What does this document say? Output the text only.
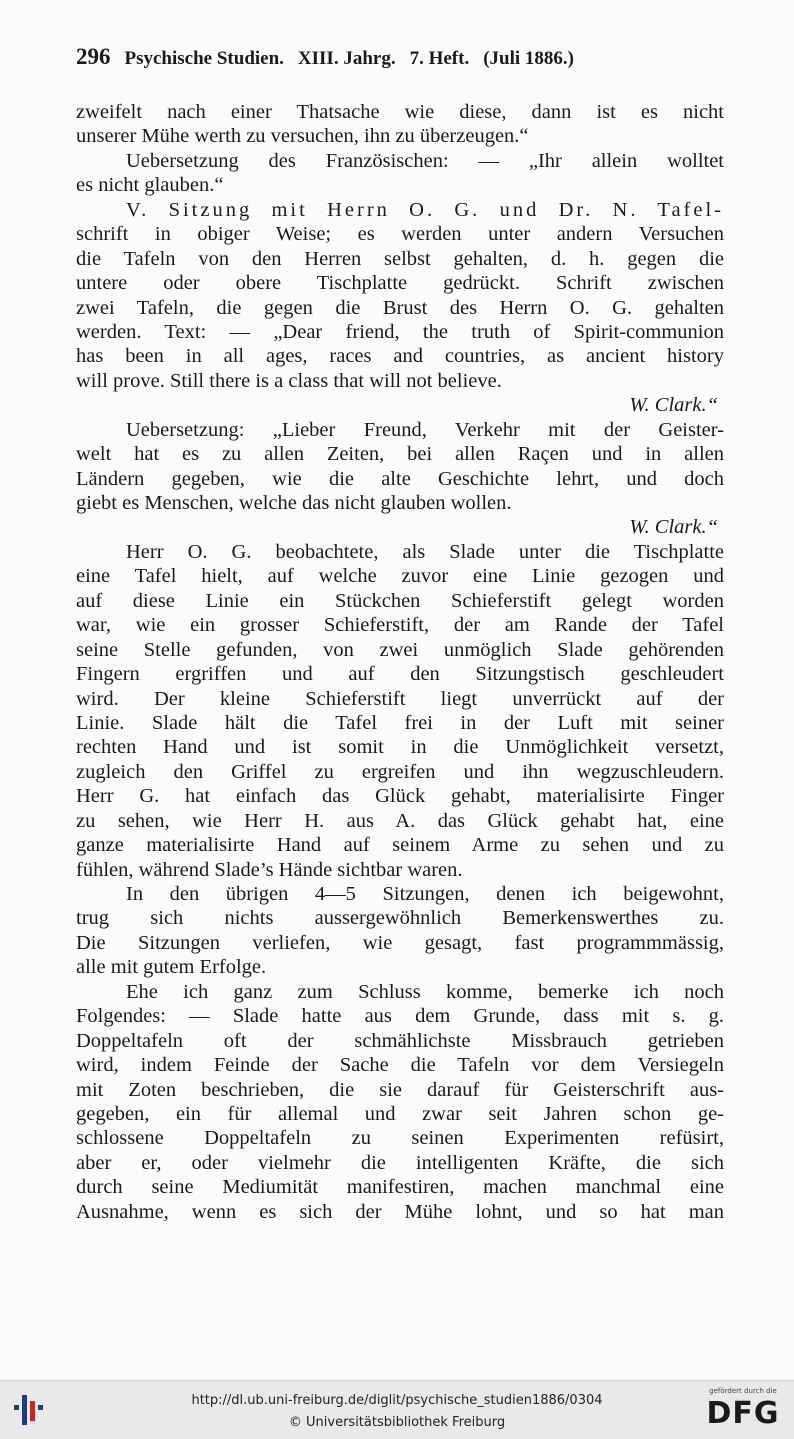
296 Psychische Studien. XIII. Jahrg. 7. Heft. (Juli 1886.)
zweifelt nach einer Thatsache wie diese, dann ist es nicht
unserer Mühe werth zu versuchen, ihn zu überzeugen.“
Uebersetzung des Französischen: — „Ihr allein wolltet
es nicht glauben.“
V. Sitzung mit Herrn O. G. und Dr. N. Tafel-
schrift in obiger Weise; es werden unter andern Versuchen
die Tafeln von den Herren selbst gehalten, d. h. gegen die
untere oder obere Tischplatte gedrückt. Schrift zwischen
zwei Tafeln, die gegen die Brust des Herrn O. G. gehalten
werden. Text: — „Dear friend, the truth of Spirit-communion
has been in all ages, races and countries, as ancient history
will prove. Still there is a class that will not believe.
W. Clark.“
Uebersetzung: „Lieber Freund, Verkehr mit der Geister-
welt hat es zu allen Zeiten, bei allen Raçen und in allen
Ländern gegeben, wie die alte Geschichte lehrt, und doch
giebt es Menschen, welche das nicht glauben wollen.
W. Clark.“
Herr O. G. beobachtete, als Slade unter die Tischplatte
eine Tafel hielt, auf welche zuvor eine Linie gezogen und
auf diese Linie ein Stückchen Schieferstift gelegt worden
war, wie ein grosser Schieferstift, der am Rande der Tafel
seine Stelle gefunden, von zwei unmöglich Slade gehörenden
Fingern ergriffen und auf den Sitzungstisch geschleudert
wird. Der kleine Schieferstift liegt unverrückt auf der
Linie. Slade hält die Tafel frei in der Luft mit seiner
rechten Hand und ist somit in die Unmöglichkeit versetzt,
zugleich den Griffel zu ergreifen und ihn wegzuschleudern.
Herr G. hat einfach das Glück gehabt, materialisirte Finger
zu sehen, wie Herr H. aus A. das Glück gehabt hat, eine
ganze materialisirte Hand auf seinem Arme zu sehen und zu
fühlen, während Slade’s Hände sichtbar waren.
In den übrigen 4—5 Sitzungen, denen ich beigewohnt,
trug sich nichts aussergewöhnlich Bemerkenswerthes zu.
Die Sitzungen verliefen, wie gesagt, fast programmmässig,
alle mit gutem Erfolge.
Ehe ich ganz zum Schluss komme, bemerke ich noch
Folgendes: — Slade hatte aus dem Grunde, dass mit s. g.
Doppeltafeln oft der schmählichste Missbrauch getrieben
wird, indem Feinde der Sache die Tafeln vor dem Versiegeln
mit Zoten beschrieben, die sie darauf für Geisterschrift aus-
gegeben, ein für allemal und zwar seit Jahren schon ge-
schlossene Doppeltafeln zu seinen Experimenten refüsirt,
aber er, oder vielmehr die intelligenten Kräfte, die sich
durch seine Mediumität manifestiren, machen manchmal eine
Ausnahme, wenn es sich der Mühe lohnt, und so hat man
http://dl.ub.uni-freiburg.de/diglit/psychische_studien1886/0304
© Universitätsbibliothek Freiburg
gefördert durch die
DFG
